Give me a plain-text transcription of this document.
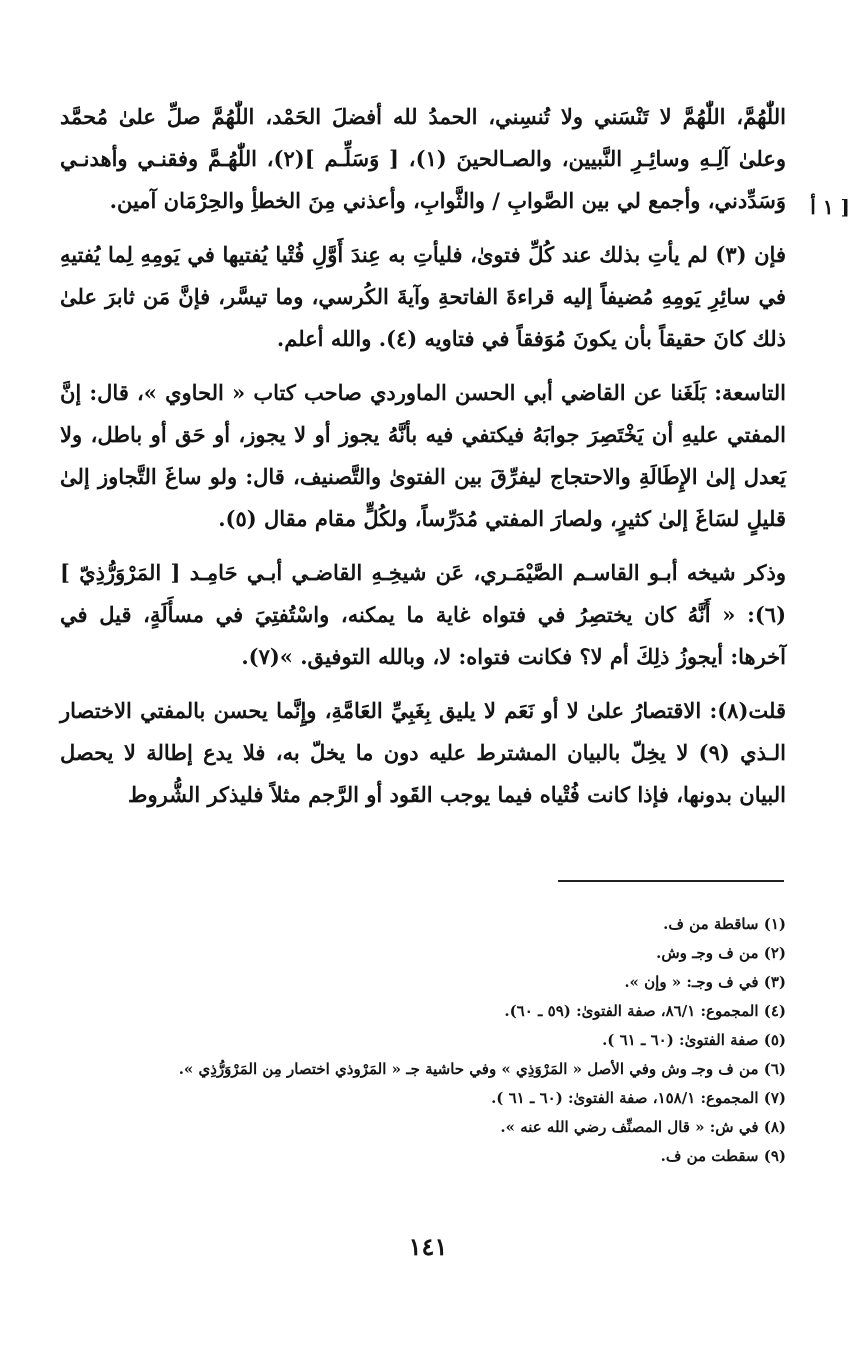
١ أ ]

اللّٰهُمَّ، اللّٰهُمَّ لا تَنْسَني ولا تُنسِني، الحمدُ لله أفضلَ الحَمْد، اللّٰهُمَّ صلِّ علىٰ مُحمَّد وعلىٰ آلِـهِ وسائِـرِ النَّبيين، والصـالحينَ (١)، [ وَسَلِّـم ](٢)، اللّٰهُـمَّ وفقنـي وأهدنـي وَسَدِّدني، وأجمع لي بين الصَّوابِ / والثَّوابِ، وأعذني مِنَ الخطأِ والحِرْمَان آمين.

فإن (٣) لم يأتِ بذلك عند كُلِّ فتوىٰ، فليأتِ به عِندَ أَوَّلِ فُتْيا يُفتيها في يَومِهِ لِما يُفتيهِ في سائِرِ يَومِهِ مُضيفاً إليه قراءةَ الفاتحةِ وآيةَ الكُرسي، وما تيسَّر، فإنَّ مَن ثابرَ علىٰ ذلك كانَ حقيقاً بأن يكونَ مُوَفقاً في فتاويه (٤). والله أعلم.

التاسعة: بَلَغَنا عن القاضي أبي الحسن الماوردي صاحب كتاب « الحاوي »، قال: إنَّ المفتي عليهِ أن يَخْتَصِرَ جوابَهُ فيكتفي فيه بأنَّهُ يجوز أو لا يجوز، أو حَق أو باطل، ولا يَعدل إلىٰ الإِطَالَةِ والاحتجاج ليفرِّقَ بين الفتوىٰ والتَّصنيف، قال: ولو ساغَ التَّجاوز إلىٰ قليلٍ لسَاغَ إلىٰ كثيرٍ، ولصارَ المفتي مُدَرِّساً، ولكُلٍّ مقام مقال (٥).

وذكر شيخه أبـو القاسـم الصَّيْمَـري، عَن شيخِـهِ القاضـي أبـي حَامِـد [ المَرْوَرُّذِيّ ](٦): « أَنَّهُ كان يختصِرُ في فتواه غاية ما يمكنه، واسْتُفتِيَ في مسأَلَةٍ، قيل في آخرها: أيجوزُ ذلِكَ أم لا؟ فكانت فتواه: لا، وبالله التوفيق. »(٧).

قلت(٨): الاقتصارُ علىٰ لا أو نَعَم لا يليق بِغَبِيِّ العَامَّةِ، وإِنَّما يحسن بالمفتي الاختصار الـذي (٩) لا يخِلّ بالبيان المشترط عليه دون ما يخلّ به، فلا يدع إطالة لا يحصل البيان بدونها، فإذا كانت فُتْياه فيما يوجب القَود أو الرَّجم مثلاً فليذكر الشُّروط

(١) ساقطة من ف.
(٢) من ف وجـ وش.
(٣) في ف وجـ: « وإن ».
(٤) المجموع: ٨٦/١، صفة الفتوىٰ: (٥٩ ـ ٦٠).
(٥) صفة الفتوىٰ: (٦٠ ـ ٦١ ).
(٦) من ف وجـ وش وفي الأصل « المَرْوَذِي » وفي حاشية جـ « المَرْوذي اختصار مِن المَرْوَرُّذِي ».
(٧) المجموع: ١٥٨/١، صفة الفتوىٰ: (٦٠ ـ ٦١ ).
(٨) في ش: « قال المصنِّف رضي الله عنه ».
(٩) سقطت من ف.
١٤١
